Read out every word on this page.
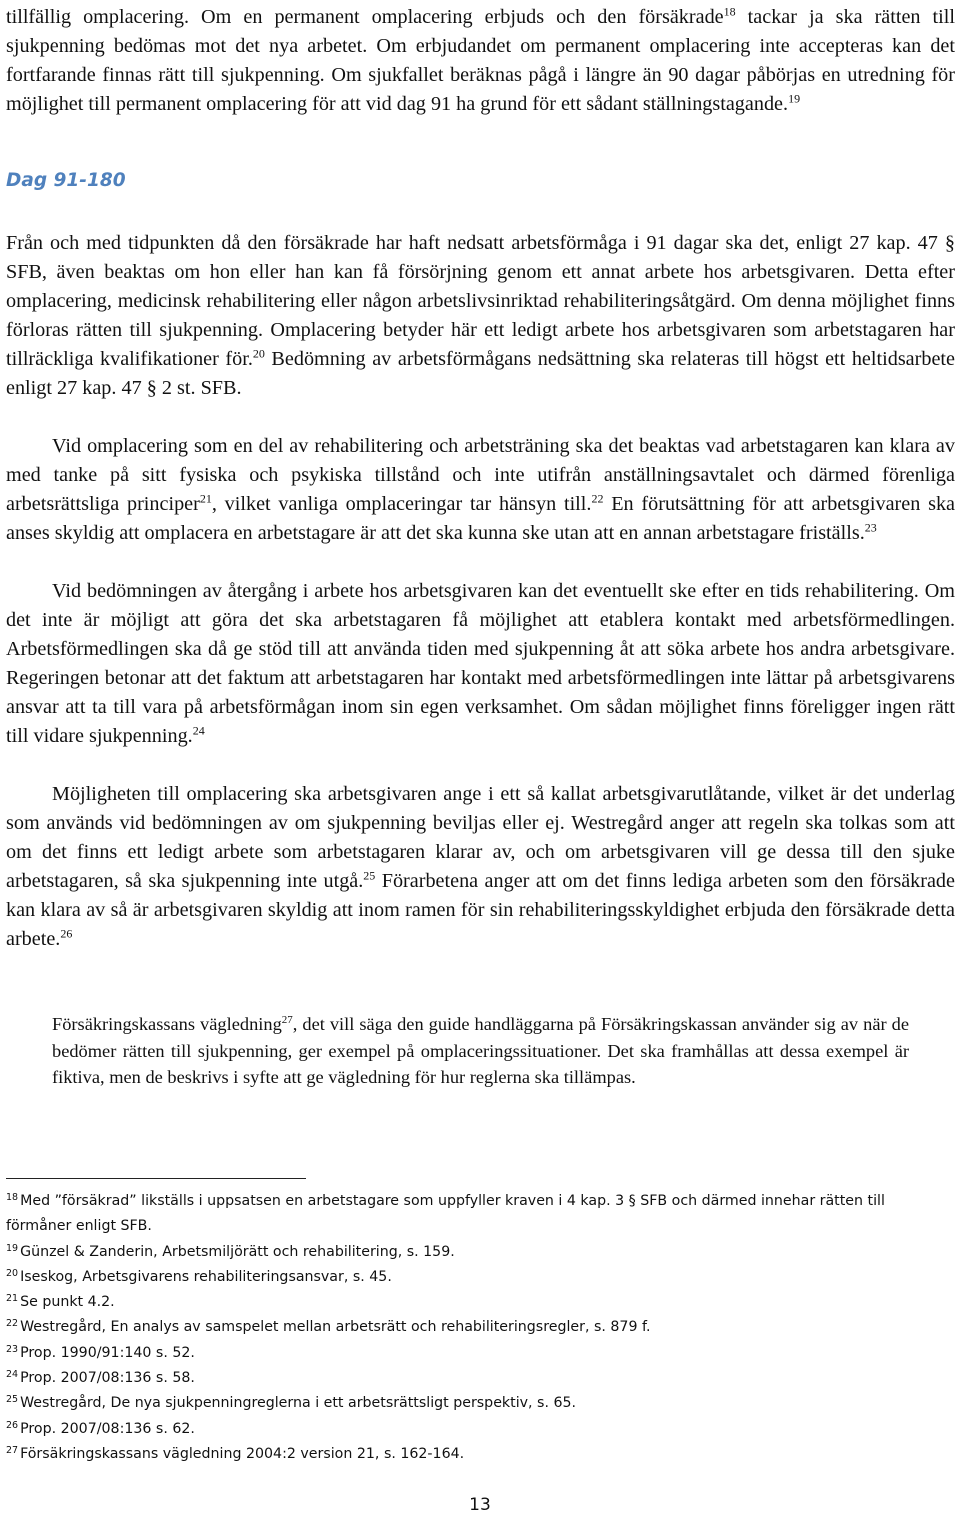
tillfällig omplacering. Om en permanent omplacering erbjuds och den försäkrade$^{18}$ tackar ja ska rätten till sjukpenning bedömas mot det nya arbetet. Om erbjudandet om permanent omplacering inte accepteras kan det fortfarande finnas rätt till sjukpenning. Om sjukfallet beräknas pågå i längre än 90 dagar påbörjas en utredning för möjlighet till permanent omplacering för att vid dag 91 ha grund för ett sådant ställningstagande.$^{19}$

Dag 91-180

Från och med tidpunkten då den försäkrade har haft nedsatt arbetsförmåga i 91 dagar ska det, enligt 27 kap. 47 § SFB, även beaktas om hon eller han kan få försörjning genom ett annat arbete hos arbetsgivaren. Detta efter omplacering, medicinsk rehabilitering eller någon arbetslivsinriktad rehabiliteringsåtgärd. Om denna möjlighet finns förloras rätten till sjukpenning. Omplacering betyder här ett ledigt arbete hos arbetsgivaren som arbetstagaren har tillräckliga kvalifikationer för.$^{20}$ Bedömning av arbetsförmågans nedsättning ska relateras till högst ett heltidsarbete enligt 27 kap. 47 § 2 st. SFB.

Vid omplacering som en del av rehabilitering och arbetsträning ska det beaktas vad arbetstagaren kan klara av med tanke på sitt fysiska och psykiska tillstånd och inte utifrån anställningsavtalet och därmed förenliga arbetsrättsliga principer$^{21}$, vilket vanliga omplaceringar tar hänsyn till.$^{22}$ En förutsättning för att arbetsgivaren ska anses skyldig att omplacera en arbetstagare är att det ska kunna ske utan att en annan arbetstagare friställs.$^{23}$

Vid bedömningen av återgång i arbete hos arbetsgivaren kan det eventuellt ske efter en tids rehabilitering. Om det inte är möjligt att göra det ska arbetstagaren få möjlighet att etablera kontakt med arbetsförmedlingen. Arbetsförmedlingen ska då ge stöd till att använda tiden med sjukpenning åt att söka arbete hos andra arbetsgivare. Regeringen betonar att det faktum att arbetstagaren har kontakt med arbetsförmedlingen inte lättar på arbetsgivarens ansvar att ta till vara på arbetsförmågan inom sin egen verksamhet. Om sådan möjlighet finns föreligger ingen rätt till vidare sjukpenning.$^{24}$

Möjligheten till omplacering ska arbetsgivaren ange i ett så kallat arbetsgivarutlåtande, vilket är det underlag som används vid bedömningen av om sjukpenning beviljas eller ej. Westregård anger att regeln ska tolkas som att om det finns ett ledigt arbete som arbetstagaren klarar av, och om arbetsgivaren vill ge dessa till den sjuke arbetstagaren, så ska sjukpenning inte utgå.$^{25}$ Förarbetena anger att om det finns lediga arbeten som den försäkrade kan klara av så är arbetsgivaren skyldig att inom ramen för sin rehabiliteringsskyldighet erbjuda den försäkrade detta arbete.$^{26}$

Försäkringskassans vägledning$^{27}$, det vill säga den guide handläggarna på Försäkringskassan använder sig av när de bedömer rätten till sjukpenning, ger exempel på omplaceringssituationer. Det ska framhållas att dessa exempel är fiktiva, men de beskrivs i syfte att ge vägledning för hur reglerna ska tillämpas.

$^{18}$ Med ”försäkrad” likställs i uppsatsen en arbetstagare som uppfyller kraven i 4 kap. 3 § SFB och därmed innehar rätten till förmåner enligt SFB.
$^{19}$ Günzel & Zanderin, Arbetsmiljörätt och rehabilitering, s. 159.
$^{20}$ Iseskog, Arbetsgivarens rehabiliteringsansvar, s. 45.
$^{21}$ Se punkt 4.2.
$^{22}$ Westregård, En analys av samspelet mellan arbetsrätt och rehabiliteringsregler, s. 879 f.
$^{23}$ Prop. 1990/91:140 s. 52.
$^{24}$ Prop. 2007/08:136 s. 58.
$^{25}$ Westregård, De nya sjukpenningreglerna i ett arbetsrättsligt perspektiv, s. 65.
$^{26}$ Prop. 2007/08:136 s. 62.
$^{27}$ Försäkringskassans vägledning 2004:2 version 21, s. 162-164.
13
